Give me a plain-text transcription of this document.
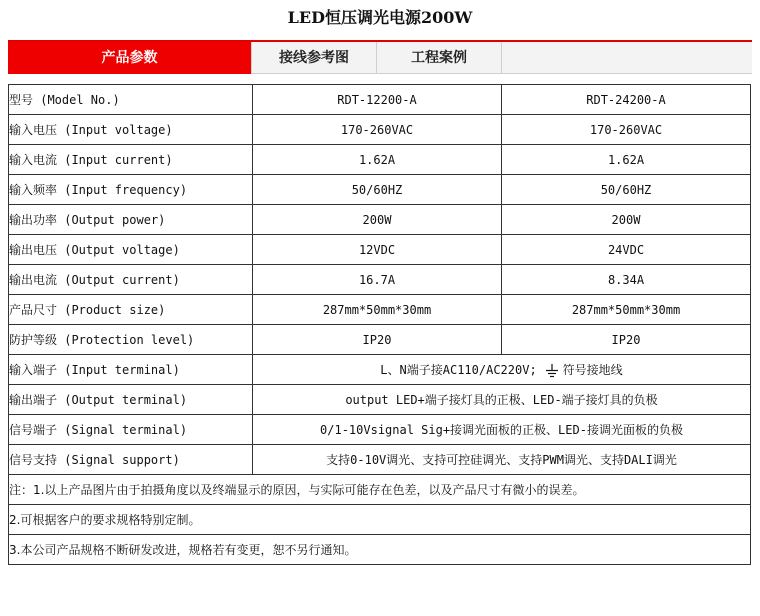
LED恒压调光电源200W
产品参数	接线参考图	工程案例
型号 (Model No.)	RDT-12200-A	RDT-24200-A
输入电压 (Input voltage)	170-260VAC	170-260VAC
输入电流 (Input current)	1.62A	1.62A
输入频率 (Input frequency)	50/60HZ	50/60HZ
输出功率 (Output power)	200W	200W
输出电压 (Output voltage)	12VDC	24VDC
输出电流 (Output current)	16.7A	8.34A
产品尺寸 (Product size)	287mm*50mm*30mm	287mm*50mm*30mm
防护等级 (Protection level)	IP20	IP20
输入端子 (Input terminal)	L、N端子接AC110/AC220V; 符号接地线	
输出端子 (Output terminal)	output LED+端子接灯具的正极、LED-端子接灯具的负极	
信号端子 (Signal terminal)	0/1-10Vsignal Sig+接调光面板的正极、LED-接调光面板的负极	
信号支持 (Signal support)	支持0-10V调光、支持可控硅调光、支持PWM调光、支持DALI调光	
注：1.以上产品图片由于拍摄角度以及终端显示的原因，与实际可能存在色差，以及产品尺寸有微小的误差。		
2.可根据客户的要求规格特别定制。		
3.本公司产品规格不断研发改进，规格若有变更，恕不另行通知。		
